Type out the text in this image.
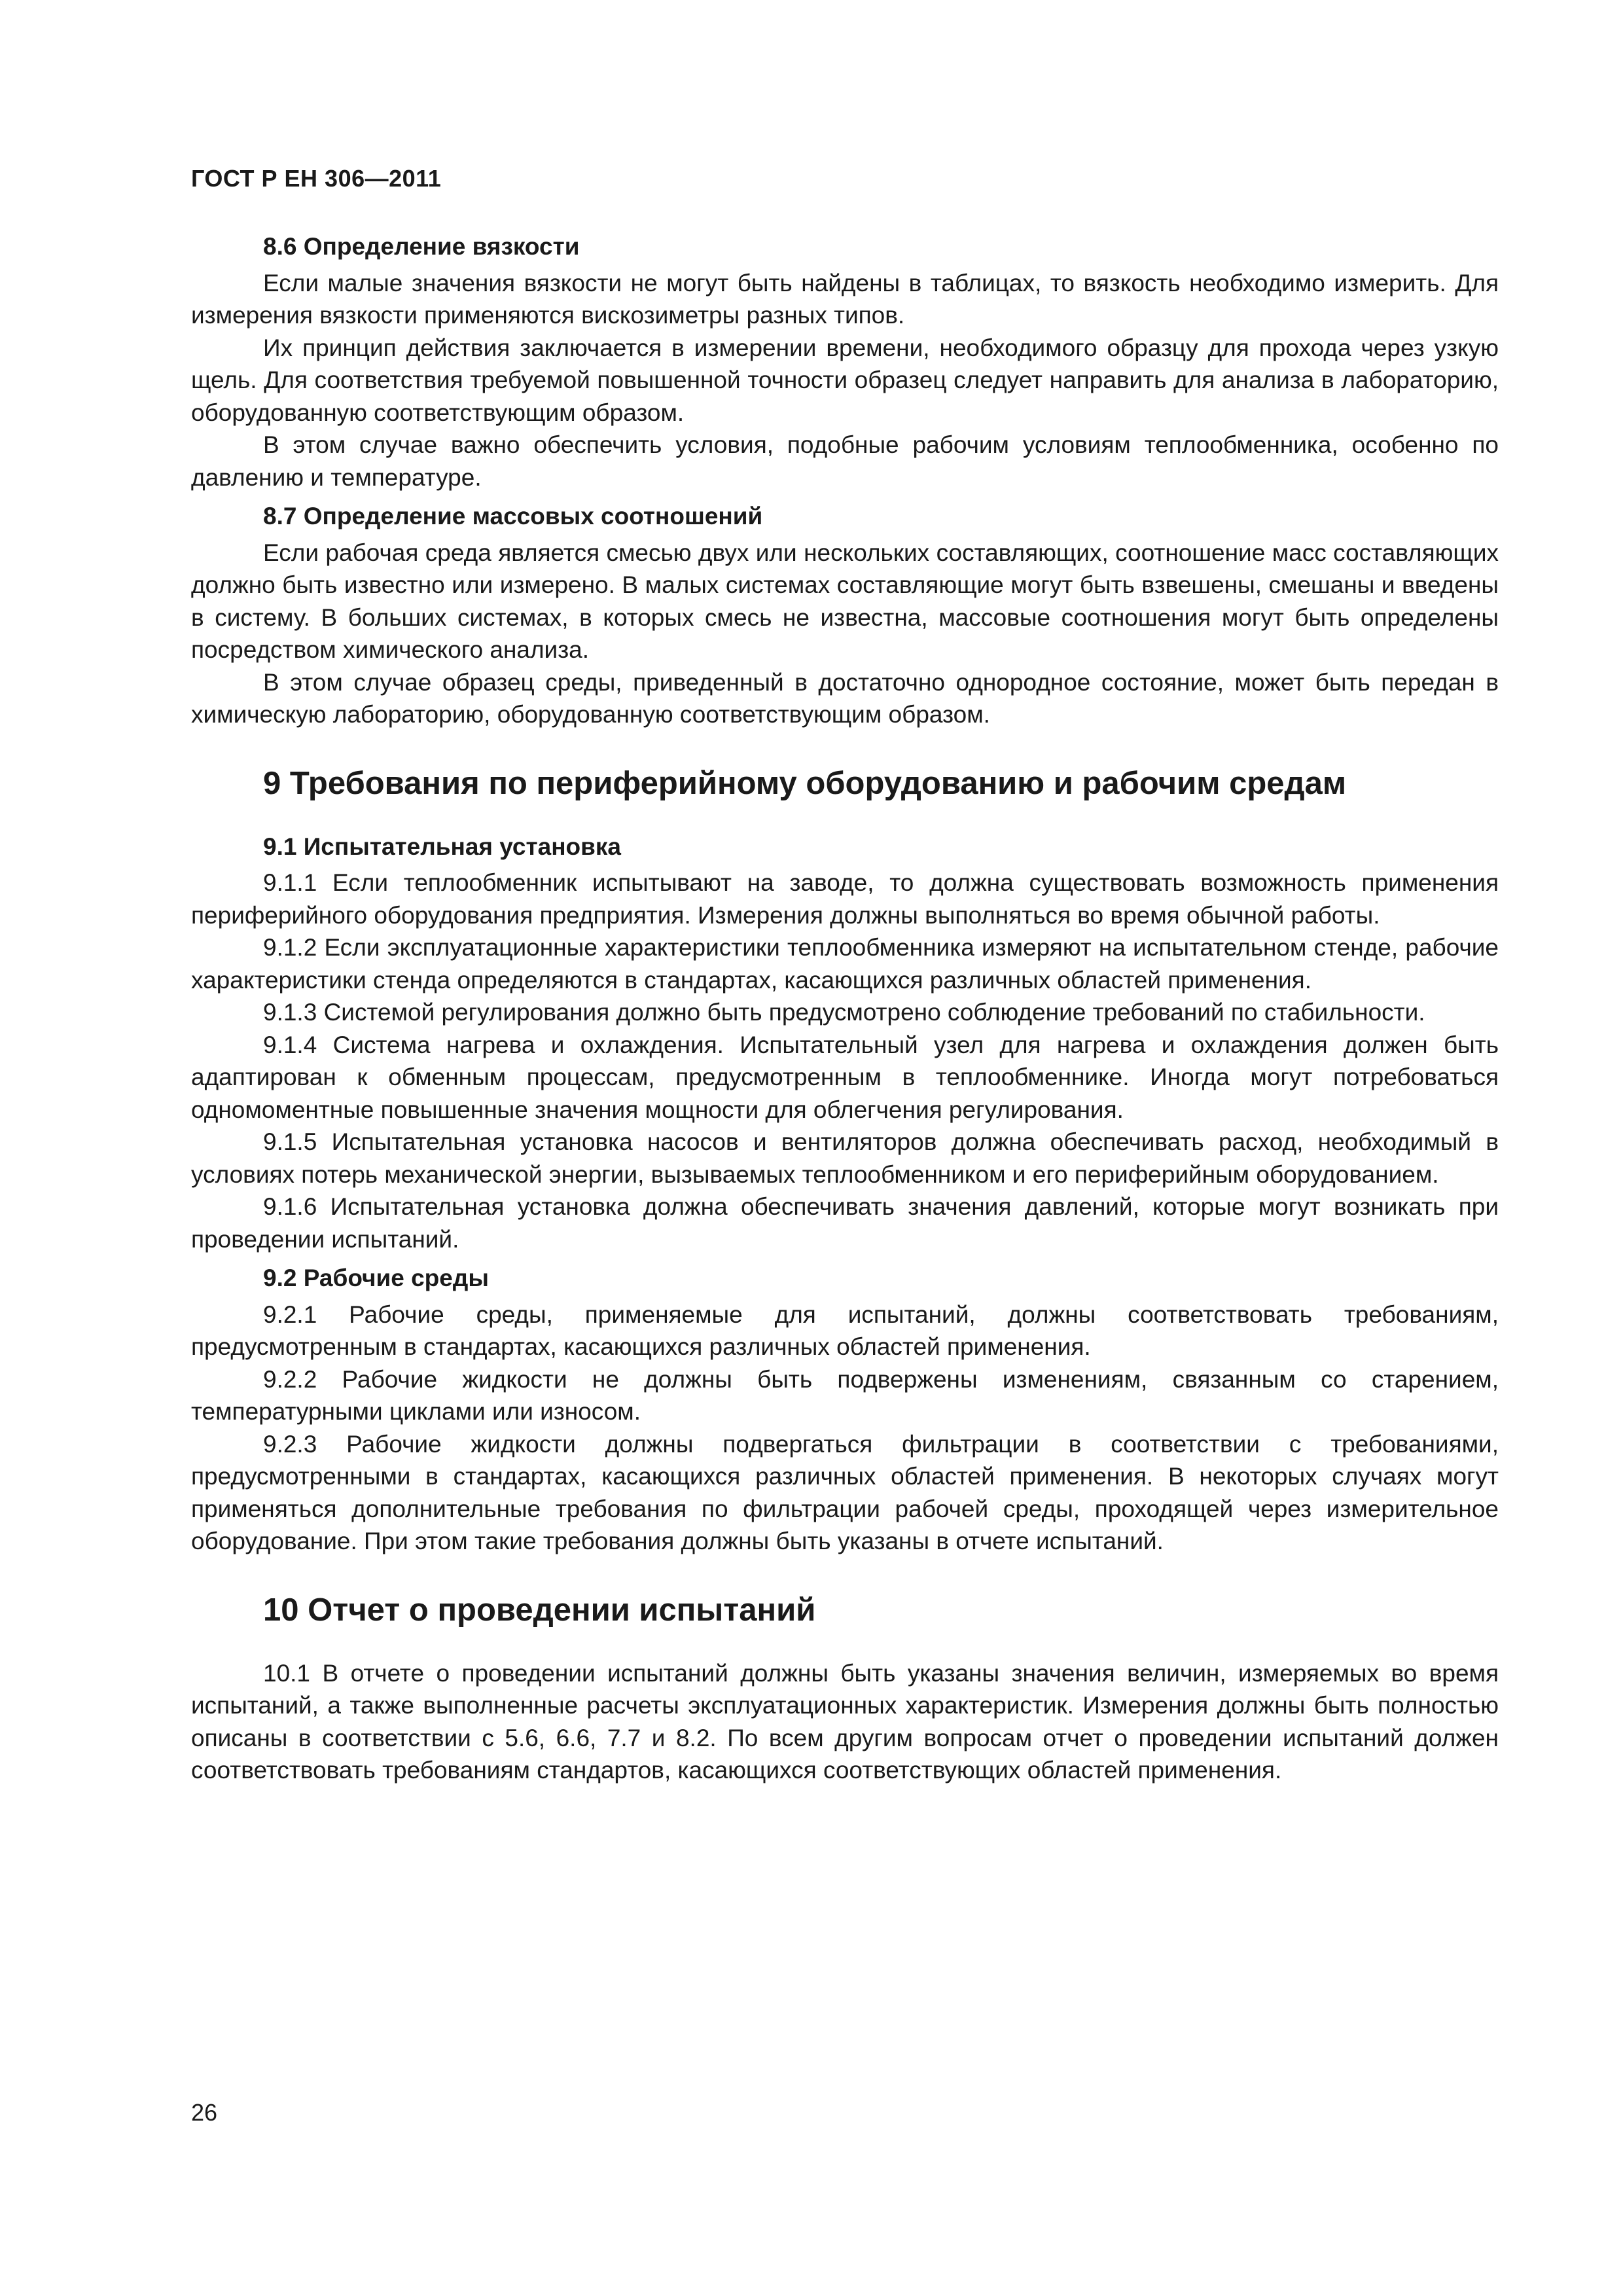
ГОСТ Р ЕН 306—2011
8.6 Определение вязкости

Если малые значения вязкости не могут быть найдены в таблицах, то вязкость необходимо измерить. Для измерения вязкости применяются вискозиметры разных типов.

Их принцип действия заключается в измерении времени, необходимого образцу для прохода через узкую щель. Для соответствия требуемой повышенной точности образец следует направить для анализа в лабораторию, оборудованную соответствующим образом.

В этом случае важно обеспечить условия, подобные рабочим условиям теплообменника, особенно по давлению и температуре.

8.7 Определение массовых соотношений

Если рабочая среда является смесью двух или нескольких составляющих, соотношение масс составляющих должно быть известно или измерено. В малых системах составляющие могут быть взвешены, смешаны и введены в систему. В больших системах, в которых смесь не известна, массовые соотношения могут быть определены посредством химического анализа.

В этом случае образец среды, приведенный в достаточно однородное состояние, может быть передан в химическую лабораторию, оборудованную соответствующим образом.

9 Требования по периферийному оборудованию и рабочим средам
9.1 Испытательная установка

9.1.1 Если теплообменник испытывают на заводе, то должна существовать возможность применения периферийного оборудования предприятия. Измерения должны выполняться во время обычной работы.

9.1.2 Если эксплуатационные характеристики теплообменника измеряют на испытательном стенде, рабочие характеристики стенда определяются в стандартах, касающихся различных областей применения.

9.1.3 Системой регулирования должно быть предусмотрено соблюдение требований по стабильности.

9.1.4 Система нагрева и охлаждения. Испытательный узел для нагрева и охлаждения должен быть адаптирован к обменным процессам, предусмотренным в теплообменнике. Иногда могут потребоваться одномоментные повышенные значения мощности для облегчения регулирования.

9.1.5 Испытательная установка насосов и вентиляторов должна обеспечивать расход, необходимый в условиях потерь механической энергии, вызываемых теплообменником и его периферийным оборудованием.

9.1.6 Испытательная установка должна обеспечивать значения давлений, которые могут возникать при проведении испытаний.

9.2 Рабочие среды

9.2.1 Рабочие среды, применяемые для испытаний, должны соответствовать требованиям, предусмотренным в стандартах, касающихся различных областей применения.

9.2.2 Рабочие жидкости не должны быть подвержены изменениям, связанным со старением, температурными циклами или износом.

9.2.3 Рабочие жидкости должны подвергаться фильтрации в соответствии с требованиями, предусмотренными в стандартах, касающихся различных областей применения. В некоторых случаях могут применяться дополнительные требования по фильтрации рабочей среды, проходящей через измерительное оборудование. При этом такие требования должны быть указаны в отчете испытаний.

10 Отчет о проведении испытаний

10.1 В отчете о проведении испытаний должны быть указаны значения величин, измеряемых во время испытаний, а также выполненные расчеты эксплуатационных характеристик. Измерения должны быть полностью описаны в соответствии с 5.6, 6.6, 7.7 и 8.2. По всем другим вопросам отчет о проведении испытаний должен соответствовать требованиям стандартов, касающихся соответствующих областей применения.

26
